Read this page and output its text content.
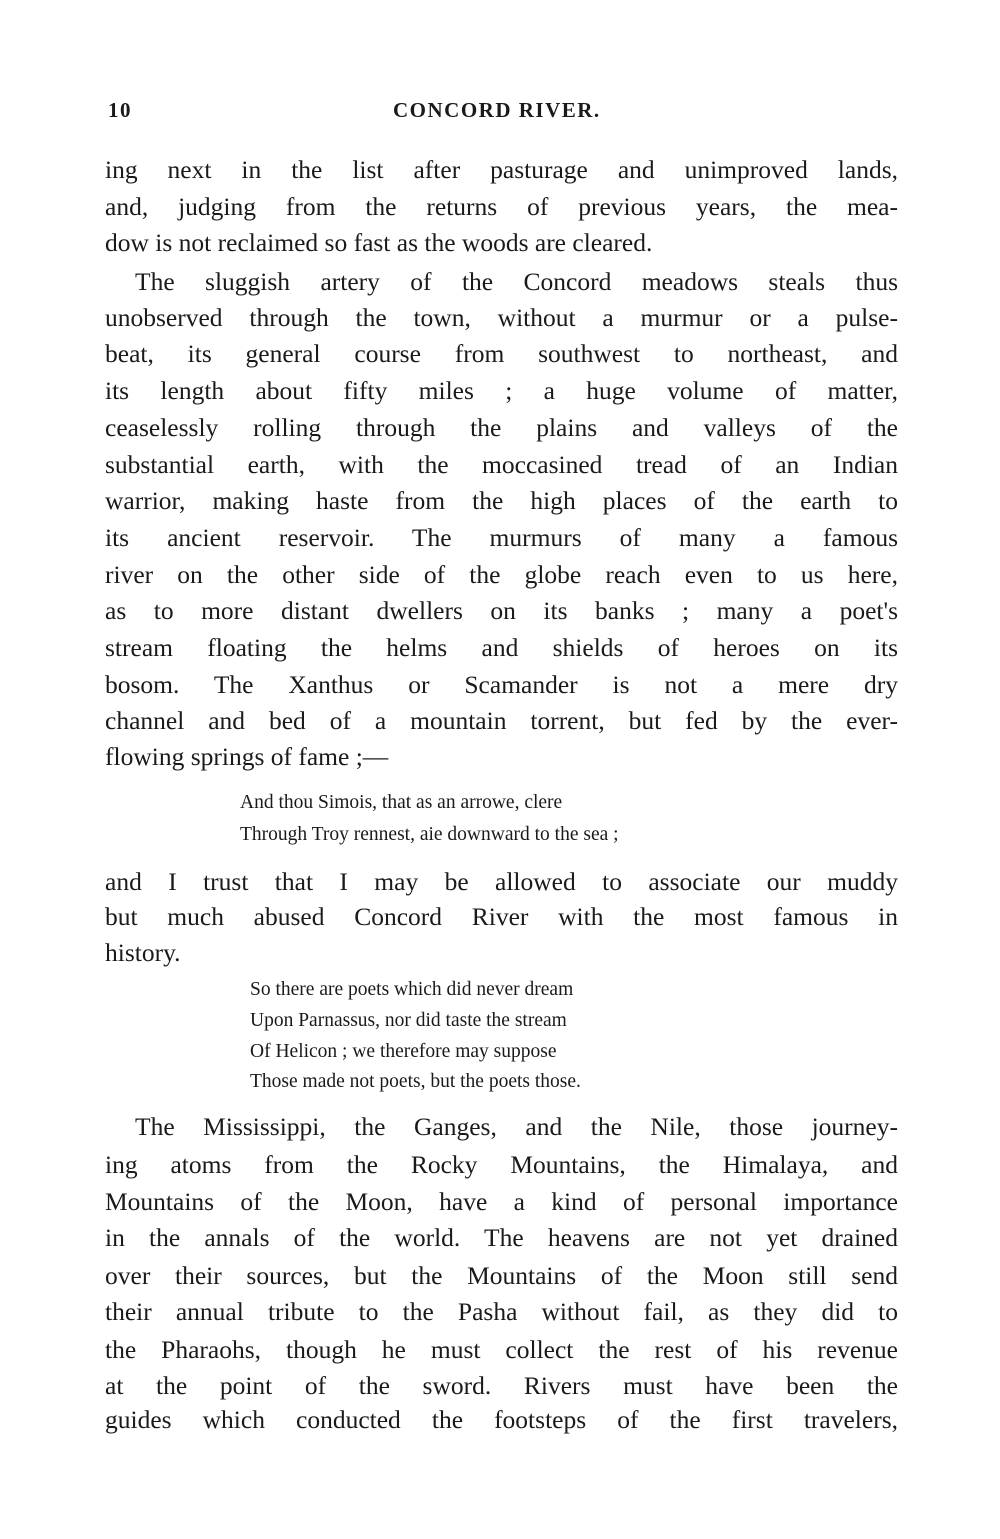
10	CONCORD RIVER.
ing next in the list after pasturage and unimproved lands,
and, judging from the returns of previous years, the mea-
dow is not reclaimed so fast as the woods are cleared.
The sluggish artery of the Concord meadows steals thus
unobserved through the town, without a murmur or a pulse-
beat, its general course from southwest to northeast, and
its length about fifty miles ; a huge volume of matter,
ceaselessly rolling through the plains and valleys of the
substantial earth, with the moccasined tread of an Indian
warrior, making haste from the high places of the earth to
its ancient reservoir. The murmurs of many a famous
river on the other side of the globe reach even to us here,
as to more distant dwellers on its banks ; many a poet's
stream floating the helms and shields of heroes on its
bosom. The Xanthus or Scamander is not a mere dry
channel and bed of a mountain torrent, but fed by the ever-
flowing springs of fame ;—
And thou Simois, that as an arrowe, clere
Through Troy rennest, aie downward to the sea ;
and I trust that I may be allowed to associate our muddy
but much abused Concord River with the most famous in
history.
So there are poets which did never dream
Upon Parnassus, nor did taste the stream
Of Helicon ; we therefore may suppose
Those made not poets, but the poets those.
The Mississippi, the Ganges, and the Nile, those journey-
ing atoms from the Rocky Mountains, the Himalaya, and
Mountains of the Moon, have a kind of personal importance
in the annals of the world. The heavens are not yet drained
over their sources, but the Mountains of the Moon still send
their annual tribute to the Pasha without fail, as they did to
the Pharaohs, though he must collect the rest of his revenue
at the point of the sword. Rivers must have been the
guides which conducted the footsteps of the first travelers,
